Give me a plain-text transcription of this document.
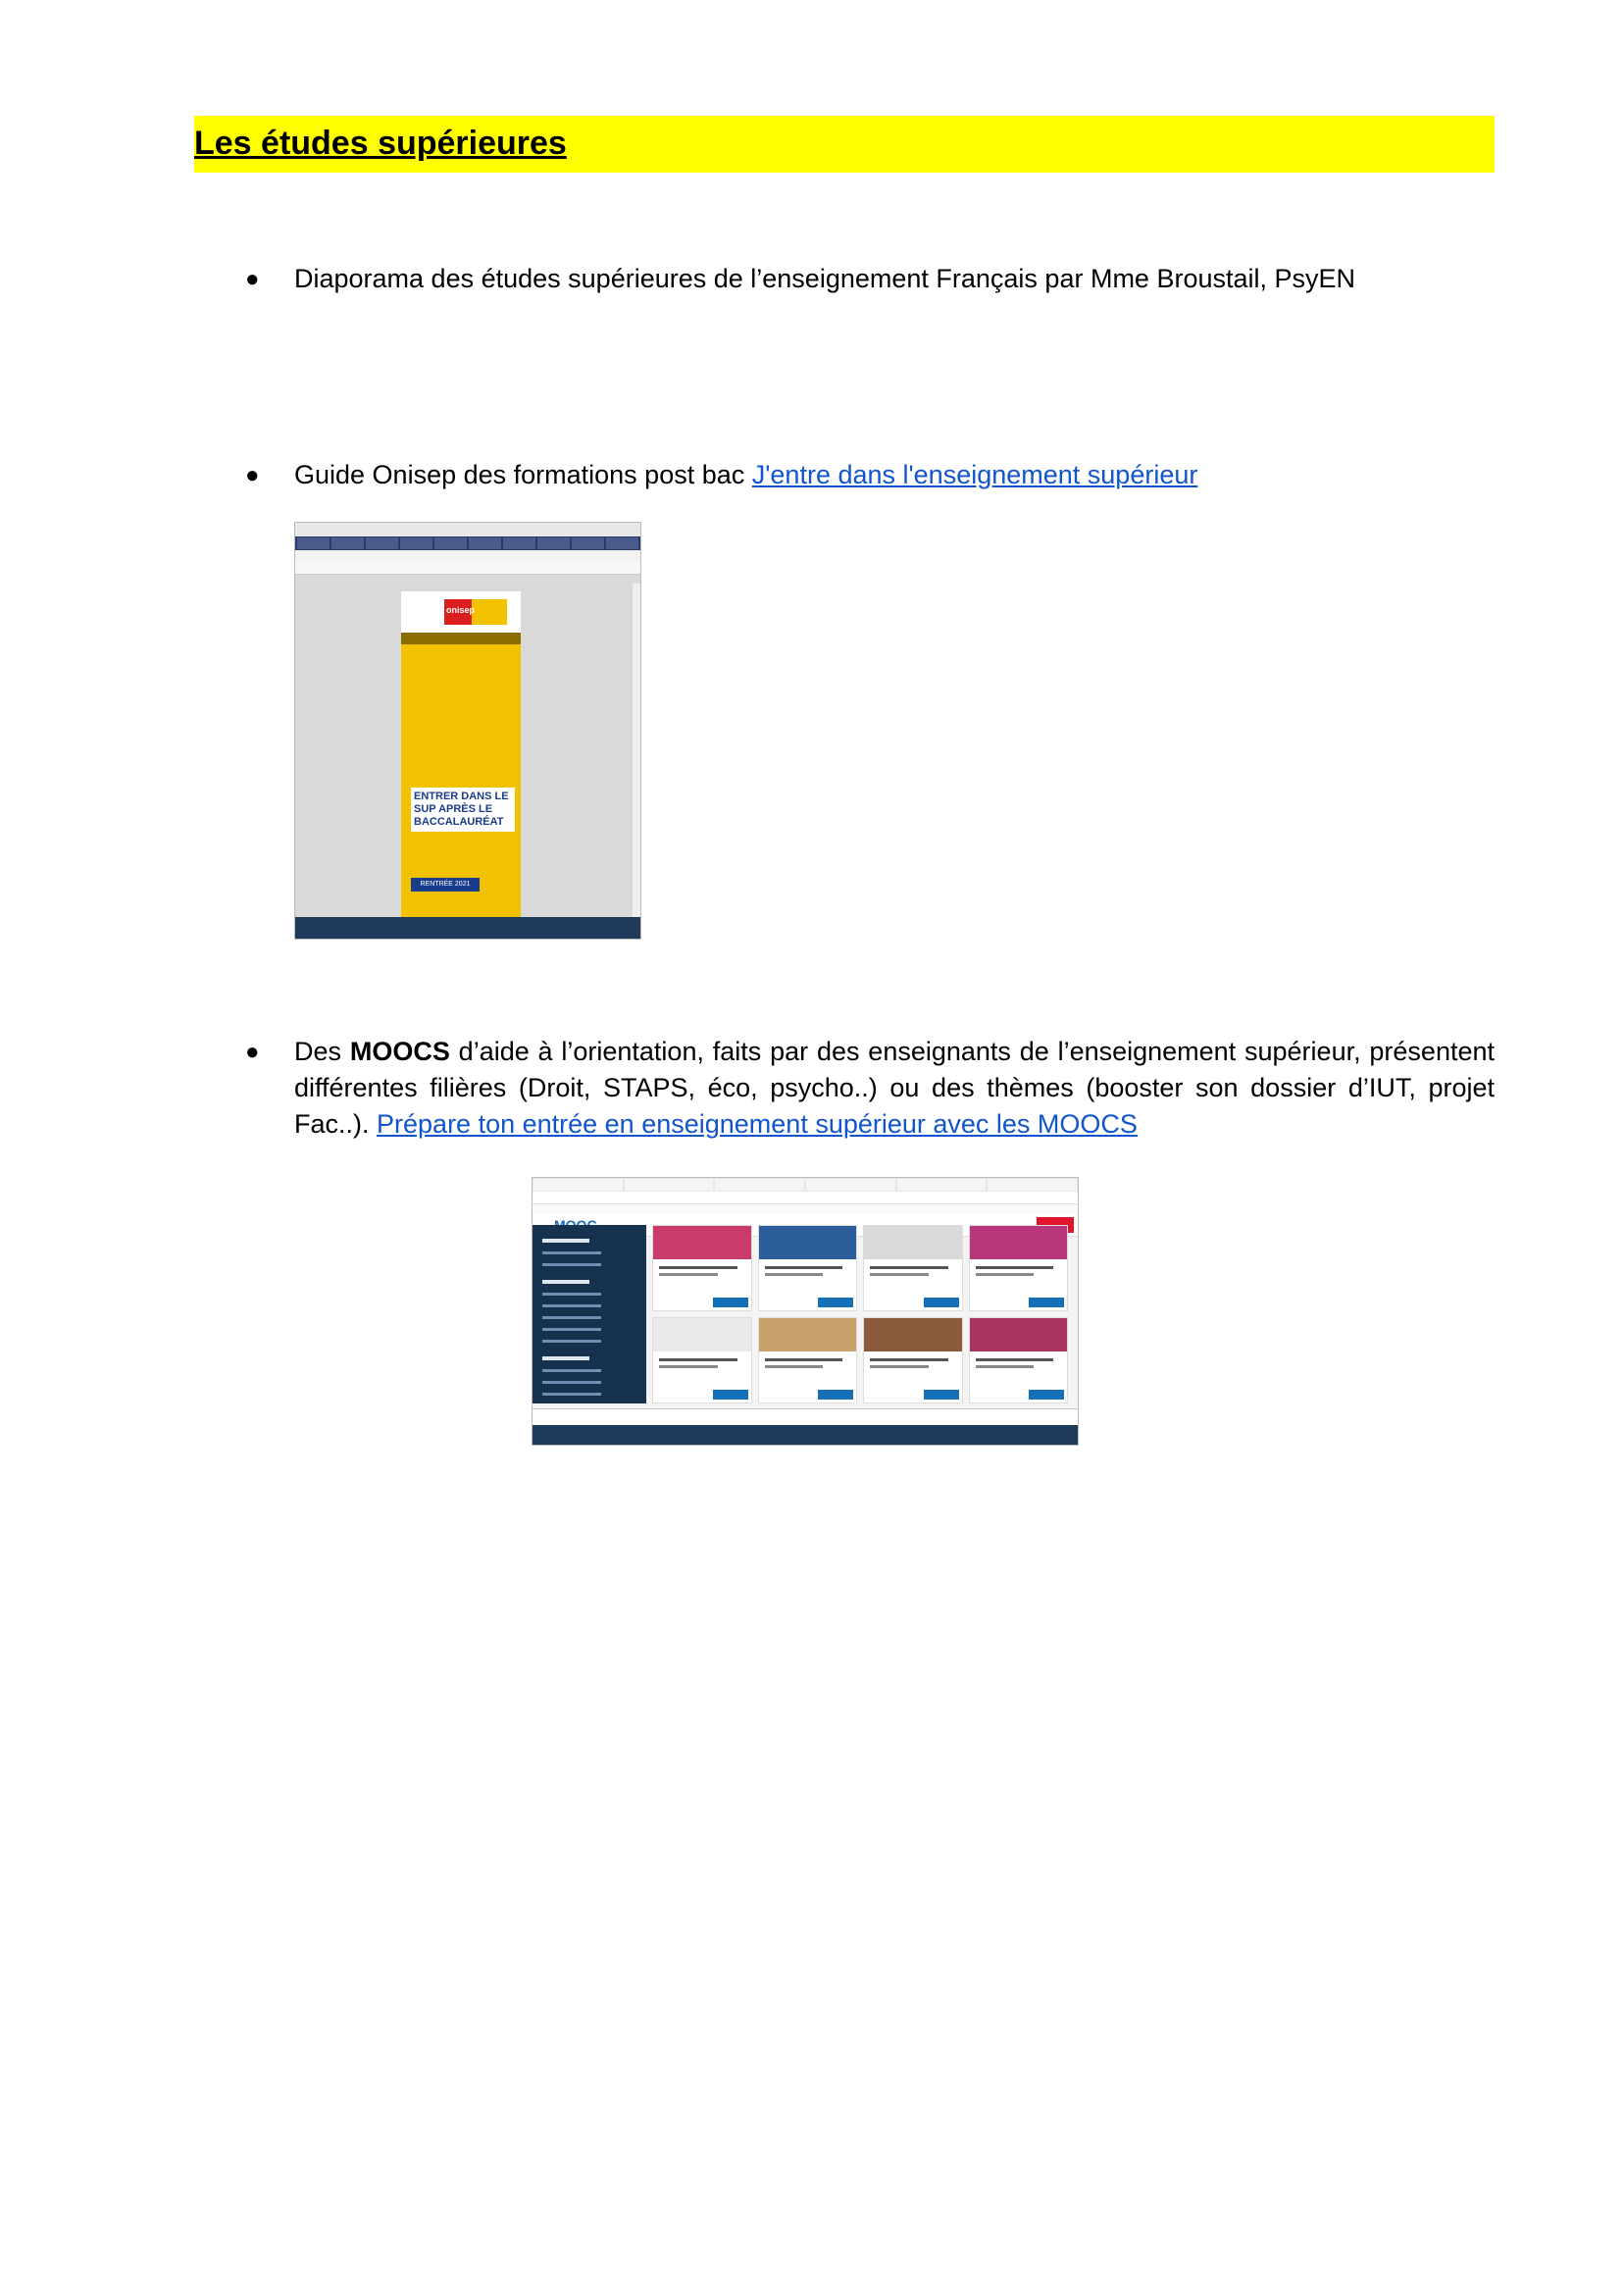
Les études supérieures
● Diaporama des études supérieures de l’enseignement Français par Mme Broustail, PsyEN
● Guide Onisep des formations post bac J'entre dans l'enseignement supérieur
onisep
ENTRER DANS LE SUP APRÈS LE BACCALAURÉAT
RENTRÉE 2021
● Des MOOCS d’aide à l’orientation, faits par des enseignants de l’enseignement supérieur, présentent différentes filières (Droit, STAPS, éco, psycho..) ou des thèmes (booster son dossier d’IUT, projet Fac..). Prépare ton entrée en enseignement supérieur avec les MOOCS
